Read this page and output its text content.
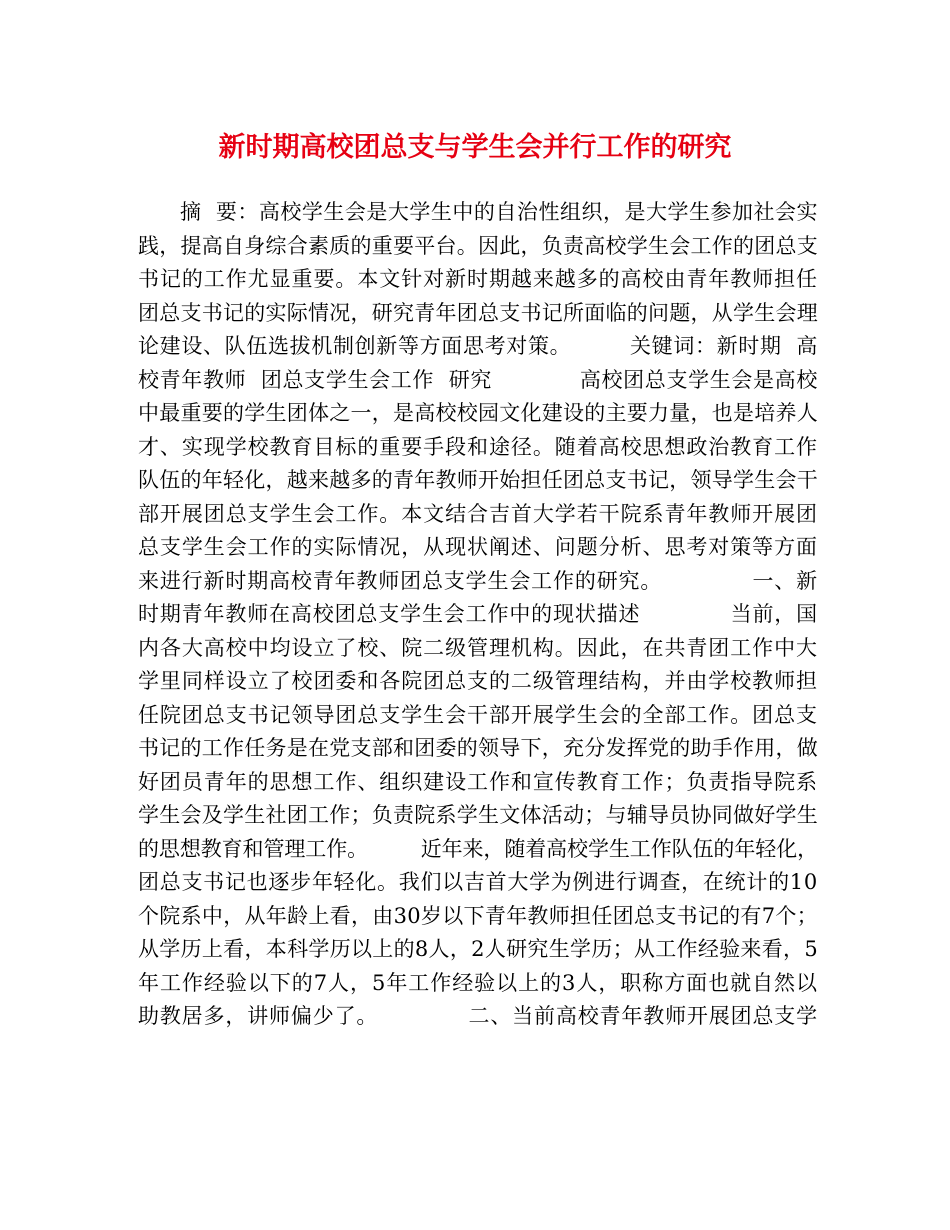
新时期高校团总支与学生会并行工作的研究
摘  要：高校学生会是大学生中的自治性组织，是大学生参加社会实
践，提高自身综合素质的重要平台。因此，负责高校学生会工作的团总支
书记的工作尤显重要。本文针对新时期越来越多的高校由青年教师担任
团总支书记的实际情况，研究青年团总支书记所面临的问题，从学生会理
论建设、队伍选拔机制创新等方面思考对策。        关键词：新时期  高
校青年教师  团总支学生会工作  研究            高校团总支学生会是高校
中最重要的学生团体之一，是高校校园文化建设的主要力量，也是培养人
才、实现学校教育目标的重要手段和途径。随着高校思想政治教育工作
队伍的年轻化，越来越多的青年教师开始担任团总支书记，领导学生会干
部开展团总支学生会工作。本文结合吉首大学若干院系青年教师开展团
总支学生会工作的实际情况，从现状阐述、问题分析、思考对策等方面
来进行新时期高校青年教师团总支学生会工作的研究。            一、新
时期青年教师在高校团总支学生会工作中的现状描述            当前，国
内各大高校中均设立了校、院二级管理机构。因此，在共青团工作中大
学里同样设立了校团委和各院团总支的二级管理结构，并由学校教师担
任院团总支书记领导团总支学生会干部开展学生会的全部工作。团总支
书记的工作任务是在党支部和团委的领导下，充分发挥党的助手作用，做
好团员青年的思想工作、组织建设工作和宣传教育工作；负责指导院系
学生会及学生社团工作；负责院系学生文体活动；与辅导员协同做好学生
的思想教育和管理工作。        近年来，随着高校学生工作队伍的年轻化，
团总支书记也逐步年轻化。我们以吉首大学为例进行调查，在统计的10
个院系中，从年龄上看，由30岁以下青年教师担任团总支书记的有7个；
从学历上看，本科学历以上的8人，2人研究生学历；从工作经验来看，5
年工作经验以下的7人，5年工作经验以上的3人，职称方面也就自然以
助教居多，讲师偏少了。            二、当前高校青年教师开展团总支学
